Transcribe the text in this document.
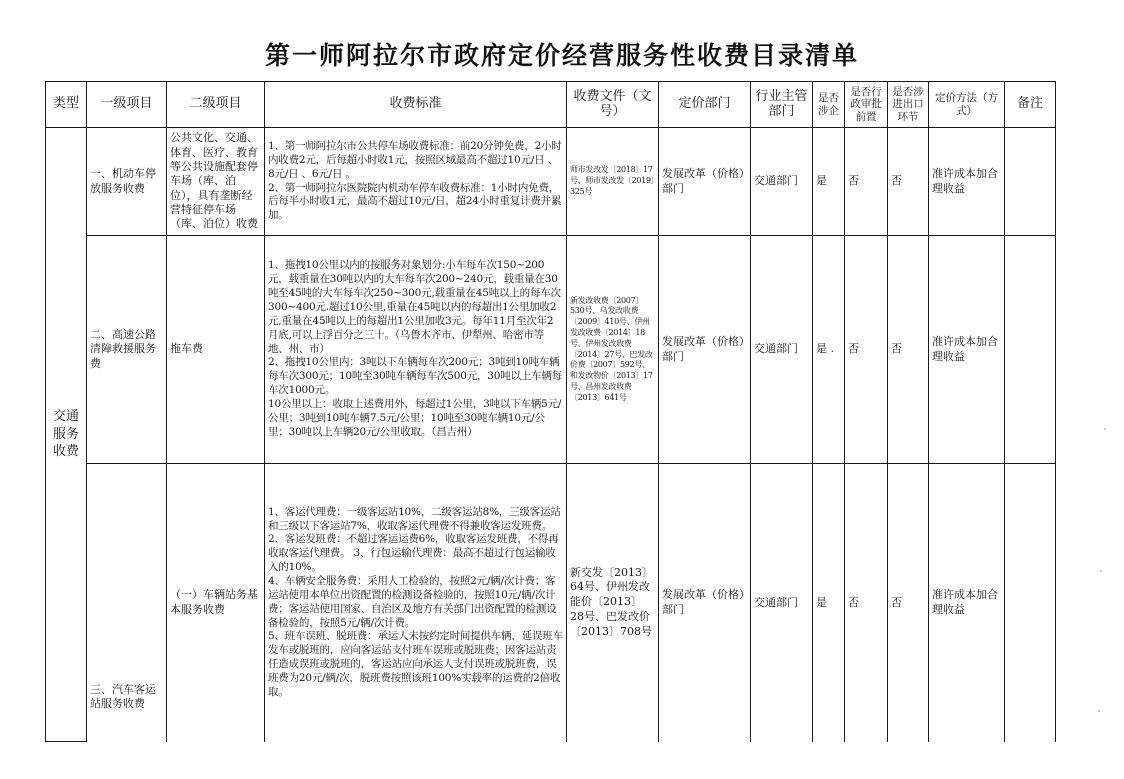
第一师阿拉尔市政府定价经营服务性收费目录清单
类型	一级项目	二级项目	收费标准	收费文件（文号）	定价部门	行业主管部门	是否涉企	是否行政审批前置	是否涉进出口环节	定价方法（方式）	备注
交通服务收费	一、机动车停放服务收费	公共文化、交通、体育、医疗、教育等公共设施配套停车场（库、泊位），具有垄断经营特征停车场（库、泊位）收费	1、第一师阿拉尔市公共停车场收费标准：前20分钟免费，2小时内收费2元，后每超小时收1元，按照区域最高不超过10元/日 、8元/日 、6元/日 。
2、第一师阿拉尔医院院内机动车停车收费标准：1小时内免费，后每半小时收1元，最高不超过10元/日，超24小时重复计费并累加。	师市发改发〔2018〕17号、师市发改发〔2019〕325号	发展改革（价格）部门	交通部门	是	否	否	准许成本加合理收益	
	二、高速公路清障救援服务费	拖车费	1、拖拽10公里以内的按服务对象划分:小车每车次150~200元，载重量在30吨以内的大车每车次200~240元，载重量在30吨至45吨的大车每车次250~300元,载重量在45吨以上的每车次300~400元.超过10公里,重量在45吨以内的每超出1公里加收2元,重量在45吨以上的每超出1公里加收3元。每年11月至次年2月底,可以上浮百分之三十。（乌鲁木齐市、伊犁州、哈密市等地、州、市）
2、拖拽10公里内：3吨以下车辆每车次200元；3吨到10吨车辆每车次300元；10吨至30吨车辆每车次500元，30吨以上车辆每车次1000元。
10公里以上：收取上述费用外，每超过1公里，3吨以下车辆5元/公里；3吨到10吨车辆7.5元/公里；10吨至30吨车辆10元/公里；30吨以上车辆20元/公里收取。（昌吉州）	新发改收费〔2007〕530号、乌发改收费〔2009〕410号、伊州发改收费〔2014〕18号、伊州发改收费〔2014〕27号、巴发改价费〔2007〕592号、和发改物价〔2013〕17号、昌州发改收费〔2013〕641号	发展改革（价格）部门	交通部门	是 .	否	否	准许成本加合理收益	
	三、汽车客运站服务收费	（一）车辆站务基本服务收费	1、客运代理费：一级客运站10%，二级客运站8%，三级客运站和三级以下客运站7%，收取客运代理费不得兼收客运发班费。 2、客运发班费：不超过客运运费6%，收取客运发班费，不得再收取客运代理费。 3、行包运输代理费：最高不超过行包运输收入的10%。
4、车辆安全服务费：采用人工检验的，按照2元/辆/次计费；客运站使用本单位出资配置的检测设备检验的，按照10元/辆/次计费；客运站使用国家、自治区及地方有关部门出资配置的检测设备检验的，按照5元/辆/次计费。
5、班车误班、脱班费：承运人未按约定时间提供车辆，延误班车发车或脱班的，应向客运站支付班车误班或脱班费；因客运站责任造成误班或脱班的，客运站应向承运人支付误班或脱班费，误班费为20元/辆/次，脱班费按照该班100%实载率的运费的2倍收取。	新交发〔2013〕64号、伊州发改能价〔2013〕28号、巴发改价〔2013〕708号	发展改革（价格）部门	交通部门	是	否	否	准许成本加合理收益	
